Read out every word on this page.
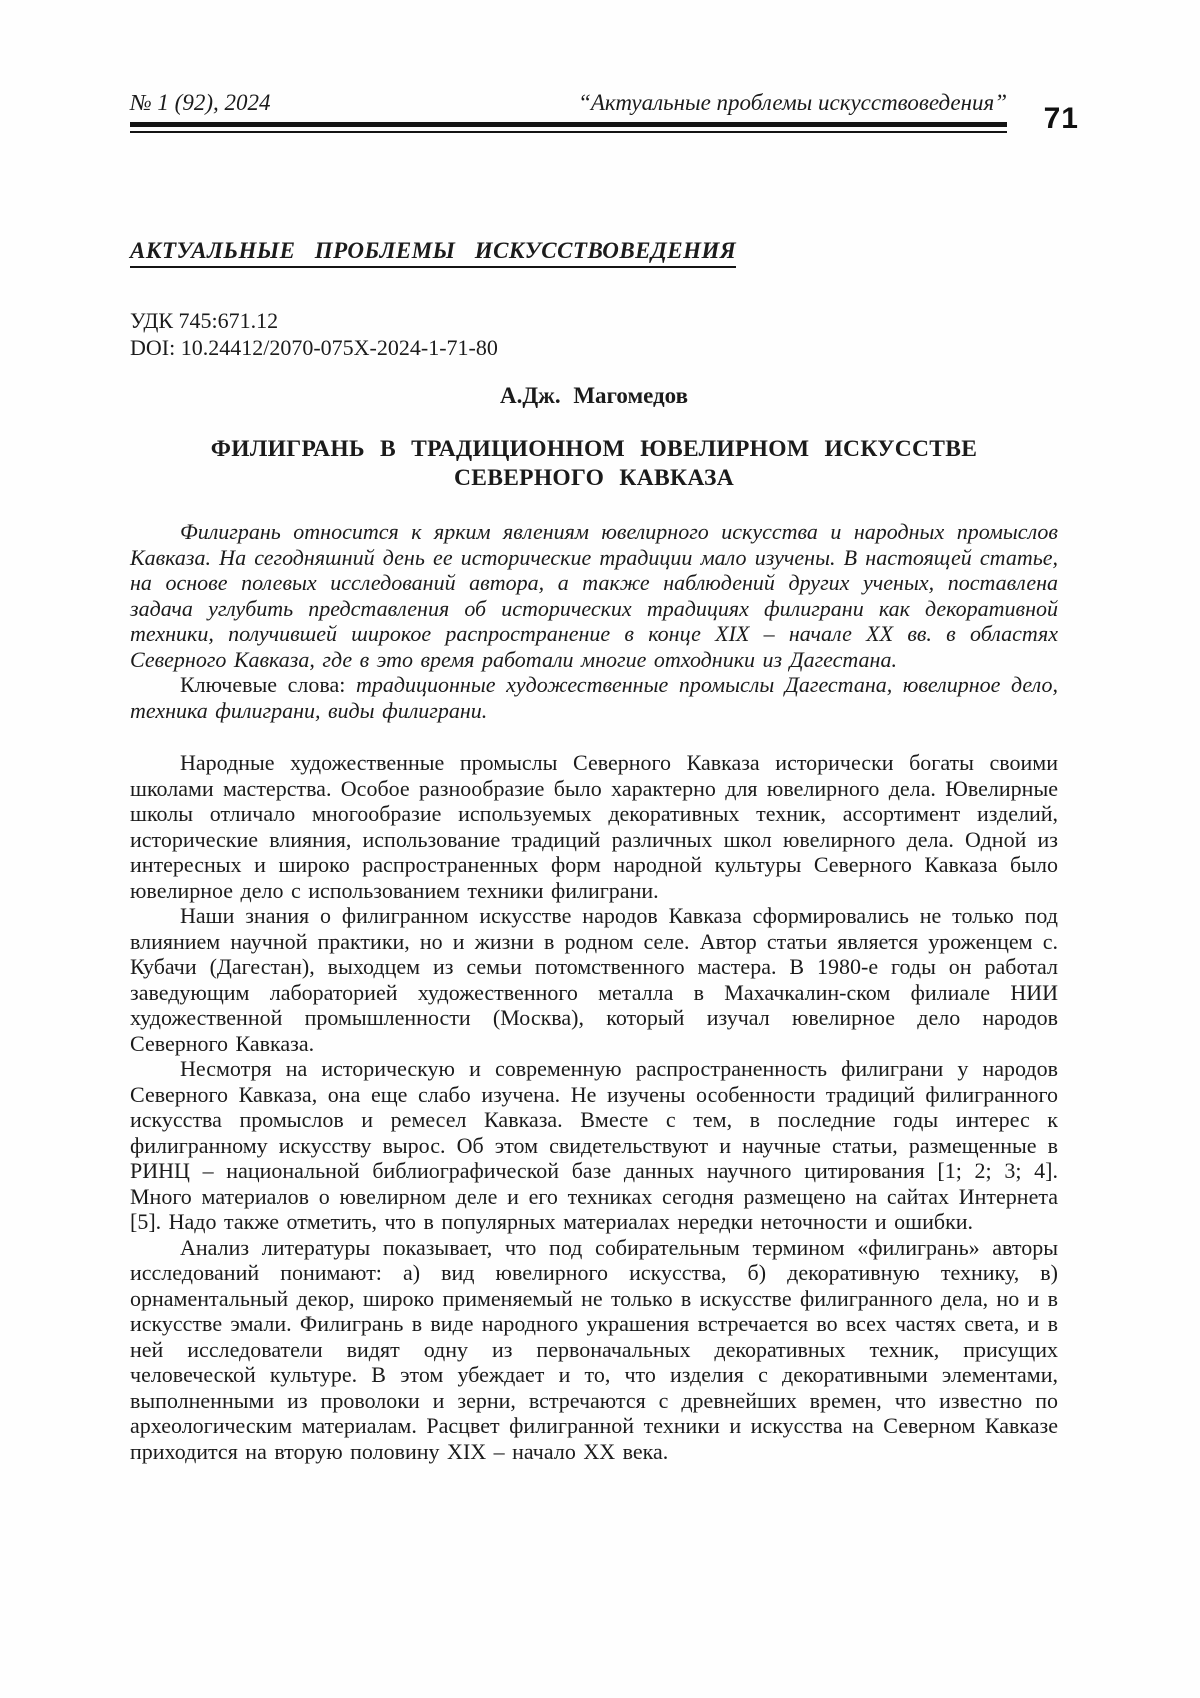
№ 1 (92), 2024	“Актуальные проблемы искусствоведения” 71
АКТУАЛЬНЫЕ ПРОБЛЕМЫ ИСКУССТВОВЕДЕНИЯ
УДК 745:671.12
DOI: 10.24412/2070-075X-2024-1-71-80
А.Дж. Магомедов
ФИЛИГРАНЬ В ТРАДИЦИОННОМ ЮВЕЛИРНОМ ИСКУССТВЕ
СЕВЕРНОГО КАВКАЗА

Филигрань относится к ярким явлениям ювелирного искусства и народных промыслов Кавказа. На сегодняшний день ее исторические традиции мало изучены. В настоящей статье, на основе полевых исследований автора, а также наблюдений других ученых, поставлена задача углубить представления об исторических традициях филиграни как декоративной техники, получившей широкое распространение в конце XIX – начале XX вв. в областях Северного Кавказа, где в это время работали многие отходники из Дагестана.

Ключевые слова: традиционные художественные промыслы Дагестана, ювелирное дело, техника филиграни, виды филиграни.

Народные художественные промыслы Северного Кавказа исторически богаты своими школами мастерства. Особое разнообразие было характерно для ювелирного дела. Ювелирные школы отличало многообразие используемых декоративных техник, ассортимент изделий, исторические влияния, использование традиций различных школ ювелирного дела. Одной из интересных и широко распространенных форм народной культуры Северного Кавказа было ювелирное дело с использованием техники филиграни.

Наши знания о филигранном искусстве народов Кавказа сформировались не только под влиянием научной практики, но и жизни в родном селе. Автор статьи является уроженцем с. Кубачи (Дагестан), выходцем из семьи потомственного мастера. В 1980-е годы он работал заведующим лабораторией художественного металла в Махачкалин-ском филиале НИИ художественной промышленности (Москва), который изучал ювелирное дело народов Северного Кавказа.

Несмотря на историческую и современную распространенность филиграни у народов Северного Кавказа, она еще слабо изучена. Не изучены особенности традиций филигранного искусства промыслов и ремесел Кавказа. Вместе с тем, в последние годы интерес к филигранному искусству вырос. Об этом свидетельствуют и научные статьи, размещенные в РИНЦ – национальной библиографической базе данных научного цитирования [1; 2; 3; 4]. Много материалов о ювелирном деле и его техниках сегодня размещено на сайтах Интернета [5]. Надо также отметить, что в популярных материалах нередки неточности и ошибки.

Анализ литературы показывает, что под собирательным термином «филигрань» авторы исследований понимают: а) вид ювелирного искусства, б) декоративную технику, в) орнаментальный декор, широко применяемый не только в искусстве филигранного дела, но и в искусстве эмали. Филигрань в виде народного украшения встречается во всех частях света, и в ней исследователи видят одну из первоначальных декоративных техник, присущих человеческой культуре. В этом убеждает и то, что изделия с декоративными элементами, выполненными из проволоки и зерни, встречаются с древнейших времен, что известно по археологическим материалам. Расцвет филигранной техники и искусства на Северном Кавказе приходится на вторую половину XIX – начало XX века.
